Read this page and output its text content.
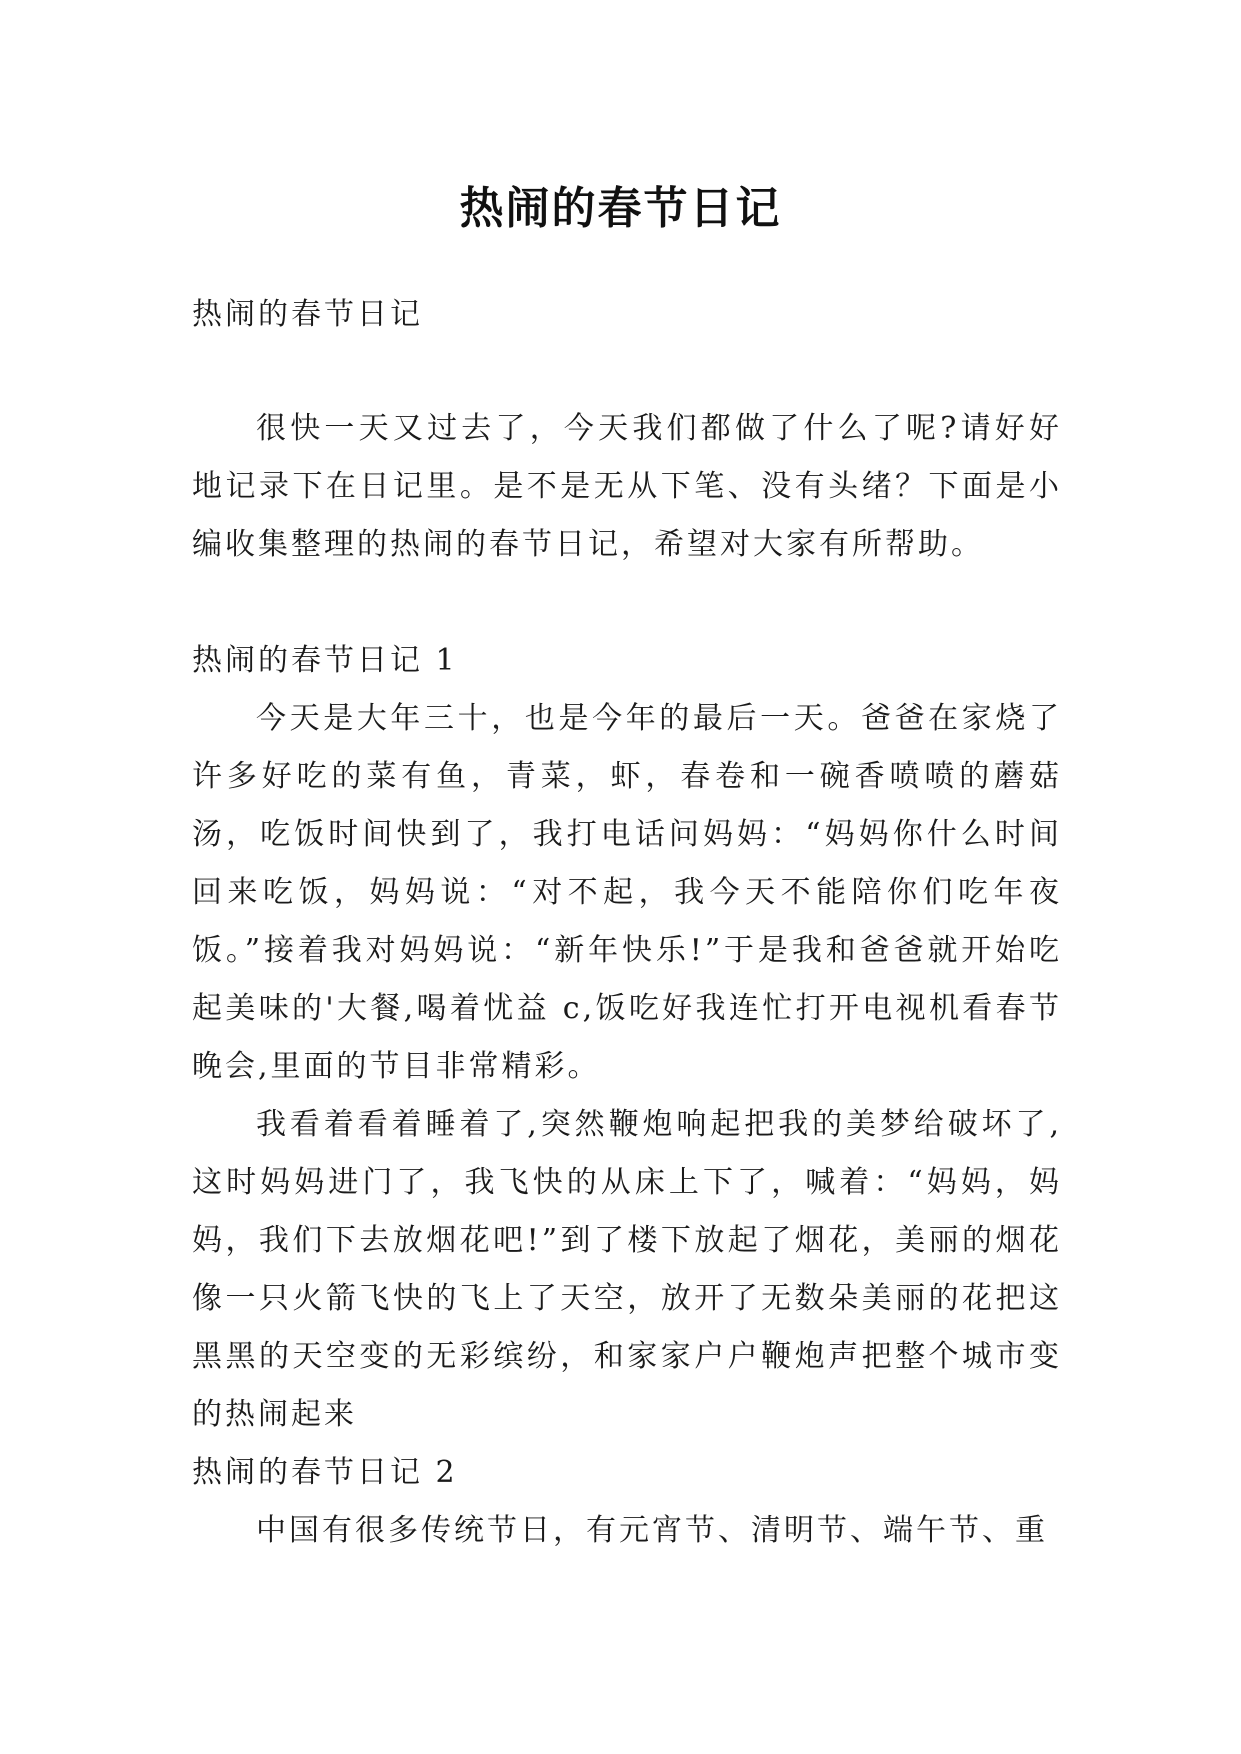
热闹的春节日记

热闹的春节日记

很快一天又过去了，今天我们都做了什么了呢?请好好地记录下在日记里。是不是无从下笔、没有头绪？下面是小编收集整理的热闹的春节日记，希望对大家有所帮助。

热闹的春节日记 1

今天是大年三十，也是今年的最后一天。爸爸在家烧了许多好吃的菜有鱼，青菜，虾，春卷和一碗香喷喷的蘑菇汤，吃饭时间快到了，我打电话问妈妈：“妈妈你什么时间回来吃饭，妈妈说：“对不起，我今天不能陪你们吃年夜饭。”接着我对妈妈说：“新年快乐!”于是我和爸爸就开始吃起美味的'大餐,喝着忧益 c,饭吃好我连忙打开电视机看春节晚会,里面的节目非常精彩。

我看着看着睡着了,突然鞭炮响起把我的美梦给破坏了,这时妈妈进门了，我飞快的从床上下了，喊着：“妈妈，妈妈，我们下去放烟花吧!”到了楼下放起了烟花，美丽的烟花像一只火箭飞快的飞上了天空，放开了无数朵美丽的花把这黑黑的天空变的无彩缤纷，和家家户户鞭炮声把整个城市变的热闹起来

热闹的春节日记 2

中国有很多传统节日，有元宵节、清明节、端午节、重
